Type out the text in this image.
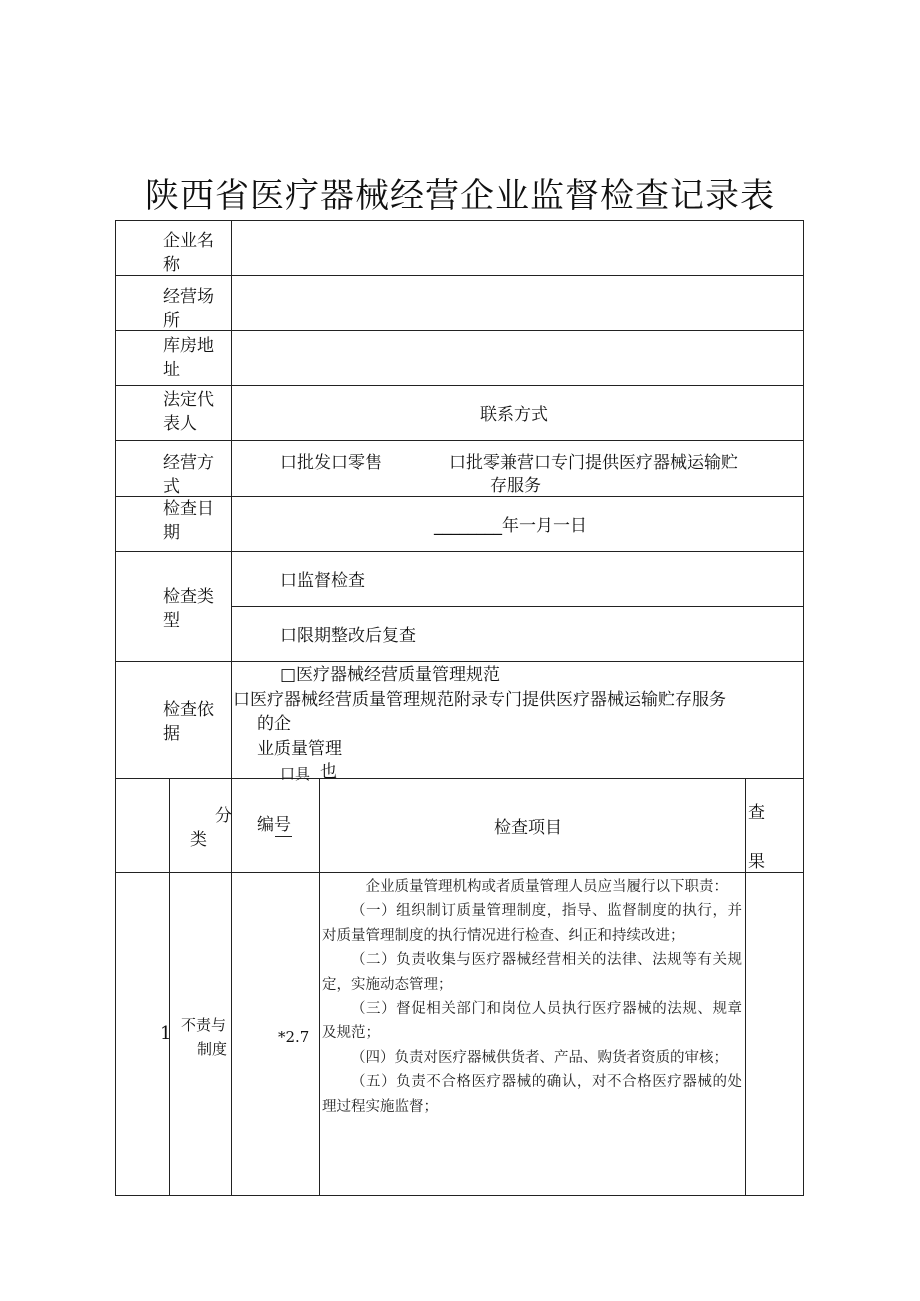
陕西省医疗器械经营企业监督检查记录表
企业名
称
经营场
所
库房地
址
法定代
表人
经营方
式
检查日
期
检查类
型
检查依
据
联系方式
口批发口零售	口批零兼营口专门提供医疗器械运输贮
存服务
________年一月一日
口监督检查
口限期整改后复查
□医疗器械经营质量管理规范
口医疗器械经营质量管理规范附录专门提供医疗器械运输贮存服务
的企
业质量管理
口具 也
分
类
编号	检查项目
查
果
1 不责与
制度
*2.7

企业质量管理机构或者质量管理人员应当履行以下职责：

（一）组织制订质量管理制度，指导、监督制度的执行，并对质量管理制度的执行情况进行检查、纠正和持续改进；

（二）负责收集与医疗器械经营相关的法律、法规等有关规定，实施动态管理；

（三）督促相关部门和岗位人员执行医疗器械的法规、规章及规范；

（四）负责对医疗器械供货者、产品、购货者资质的审核；

（五）负责不合格医疗器械的确认，对不合格医疗器械的处理过程实施监督；
